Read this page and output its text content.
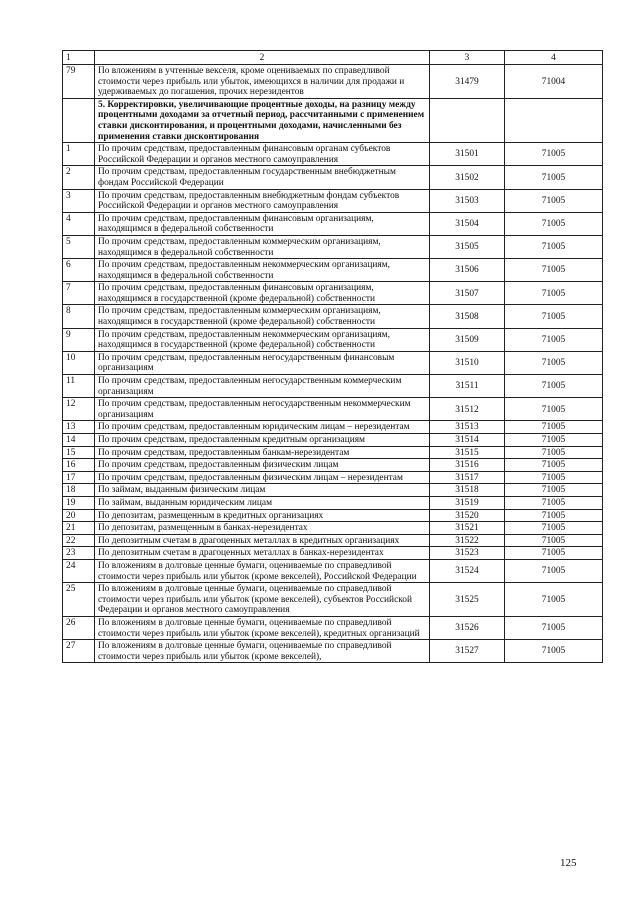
1	2	3	4
79	По вложениям в учтенные векселя, кроме оцениваемых по справедливой стоимости через прибыль или убыток, имеющихся в наличии для продажи и удерживаемых до погашения, прочих нерезидентов	31479	71004
	5. Корректировки, увеличивающие процентные доходы, на разницу между процентными доходами за отчетный период, рассчитанными с применением ставки дисконтирования, и процентными доходами, начисленными без применения ставки дисконтирования		
1	По прочим средствам, предоставленным финансовым органам субъектов Российской Федерации и органов местного самоуправления	31501	71005
2	По прочим средствам, предоставленным государственным внебюджетным фондам Российской Федерации	31502	71005
3	По прочим средствам, предоставленным внебюджетным фондам субъектов Российской Федерации и органов местного самоуправления	31503	71005
4	По прочим средствам, предоставленным финансовым организациям, находящимся в федеральной собственности	31504	71005
5	По прочим средствам, предоставленным коммерческим организациям, находящимся в федеральной собственности	31505	71005
6	По прочим средствам, предоставленным некоммерческим организациям, находящимся в федеральной собственности	31506	71005
7	По прочим средствам, предоставленным финансовым организациям, находящимся в государственной (кроме федеральной) собственности	31507	71005
8	По прочим средствам, предоставленным коммерческим организациям, находящимся в государственной (кроме федеральной) собственности	31508	71005
9	По прочим средствам, предоставленным некоммерческим организациям, находящимся в государственной (кроме федеральной) собственности	31509	71005
10	По прочим средствам, предоставленным негосударственным финансовым организациям	31510	71005
11	По прочим средствам, предоставленным негосударственным коммерческим организациям	31511	71005
12	По прочим средствам, предоставленным негосударственным некоммерческим организациям	31512	71005
13	По прочим средствам, предоставленным юридическим лицам – нерезидентам	31513	71005
14	По прочим средствам, предоставленным кредитным организациям	31514	71005
15	По прочим средствам, предоставленным банкам-нерезидентам	31515	71005
16	По прочим средствам, предоставленным физическим лицам	31516	71005
17	По прочим средствам, предоставленным физическим лицам – нерезидентам	31517	71005
18	По займам, выданным физическим лицам	31518	71005
19	По займам, выданным юридическим лицам	31519	71005
20	По депозитам, размещенным в кредитных организациях	31520	71005
21	По депозитам, размещенным в банках-нерезидентах	31521	71005
22	По депозитным счетам в драгоценных металлах в кредитных организациях	31522	71005
23	По депозитным счетам в драгоценных металлах в банках-нерезидентах	31523	71005
24	По вложениям в долговые ценные бумаги, оцениваемые по справедливой стоимости через прибыль или убыток (кроме векселей), Российской Федерации	31524	71005
25	По вложениям в долговые ценные бумаги, оцениваемые по справедливой стоимости через прибыль или убыток (кроме векселей), субъектов Российской Федерации и органов местного самоуправления	31525	71005
26	По вложениям в долговые ценные бумаги, оцениваемые по справедливой стоимости через прибыль или убыток (кроме векселей), кредитных организаций	31526	71005
27	По вложениям в долговые ценные бумаги, оцениваемые по справедливой стоимости через прибыль или убыток (кроме векселей),	31527	71005
125
